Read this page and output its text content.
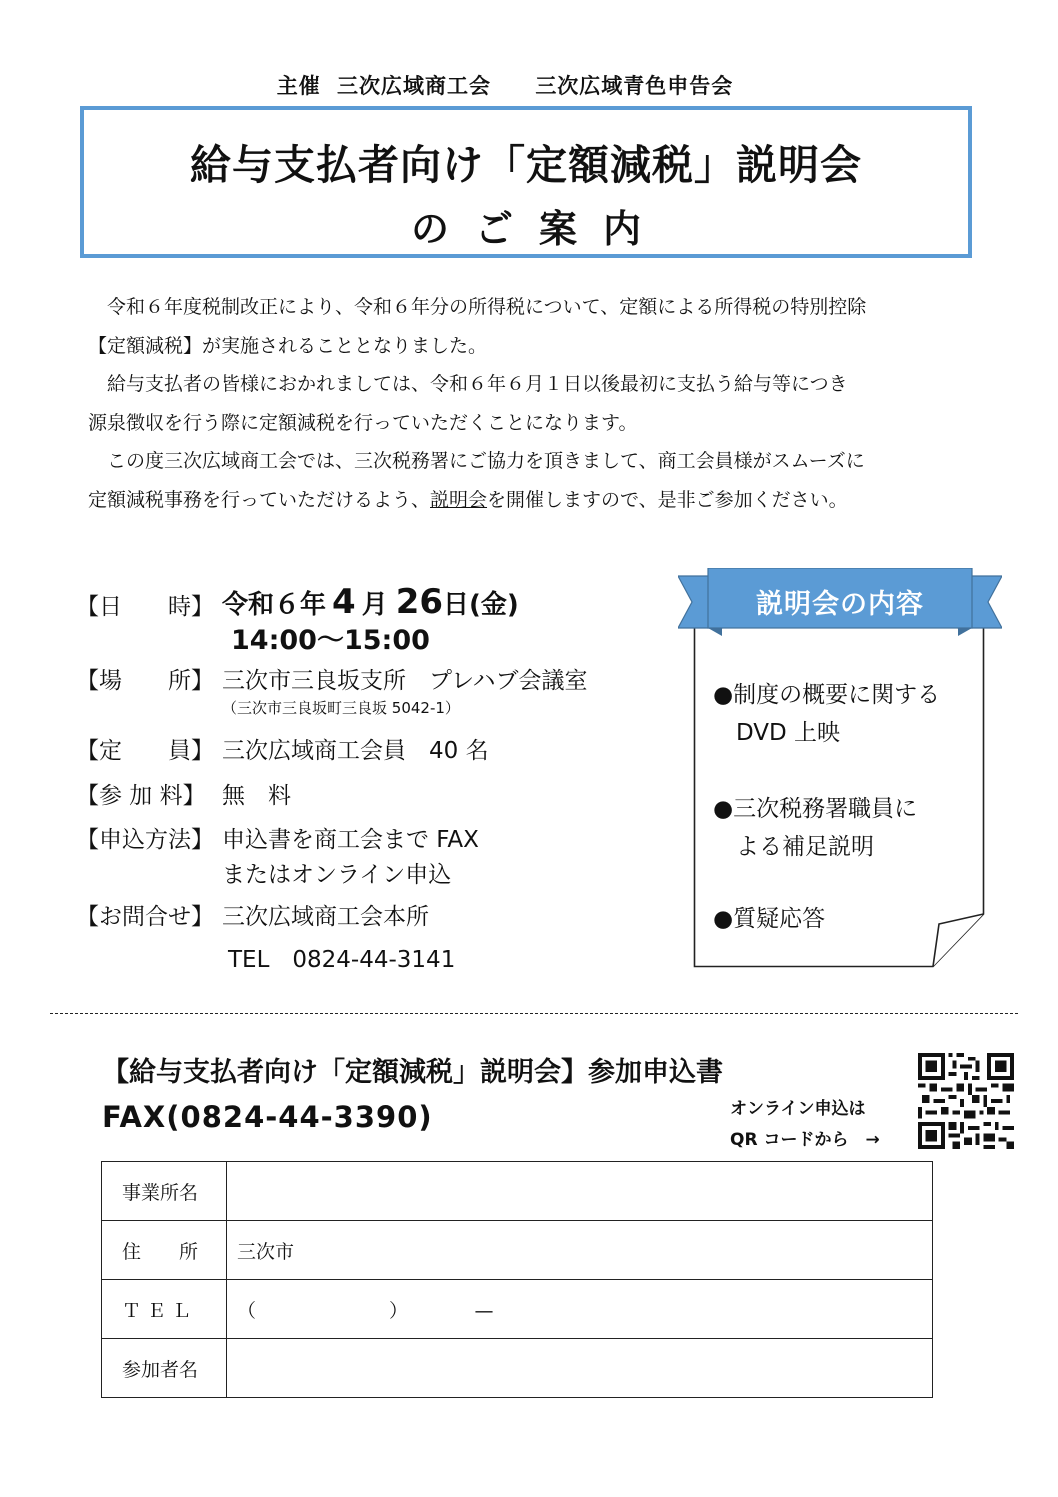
主催 三次広域商工会 三次広域青色申告会
給与支払者向け「定額減税」説明会
のご案内
　令和６年度税制改正により、令和６年分の所得税について、定額による所得税の特別控除
【定額減税】が実施されることとなりました。
　給与支払者の皆様におかれましては、令和６年６月１日以後最初に支払う給与等につき
源泉徴収を行う際に定額減税を行っていただくことになります。
　この度三次広域商工会では、三次税務署にご協力を頂きまして、商工会員様がスムーズに
定額減税事務を行っていただけるよう、説明会を開催しますので、是非ご参加ください。
【日　　時】 令和６年 4 月 26日(金)
14:00～15:00
【場　　所】 三次市三良坂支所　プレハブ会議室
（三次市三良坂町三良坂 5042-1）
【定　　員】 三次広域商工会員　40 名
【参 加 料】 無　料
【申込方法】 申込書を商工会まで FAX
またはオンライン申込
【お問合せ】 三次広域商工会本所
TEL　0824-44-3141
●制度の概要に関する
　DVD 上映
●三次税務署職員に
　よる補足説明
●質疑応答
説明会の内容
【給与支払者向け「定額減税」説明会】参加申込書
FAX(0824-44-3390)	オンライン申込は
QR コードから　→
事業所名	
住　　所	三次市
Ｔ Ｅ Ｌ	（　　　　　　　）　　　　—
参加者名	
